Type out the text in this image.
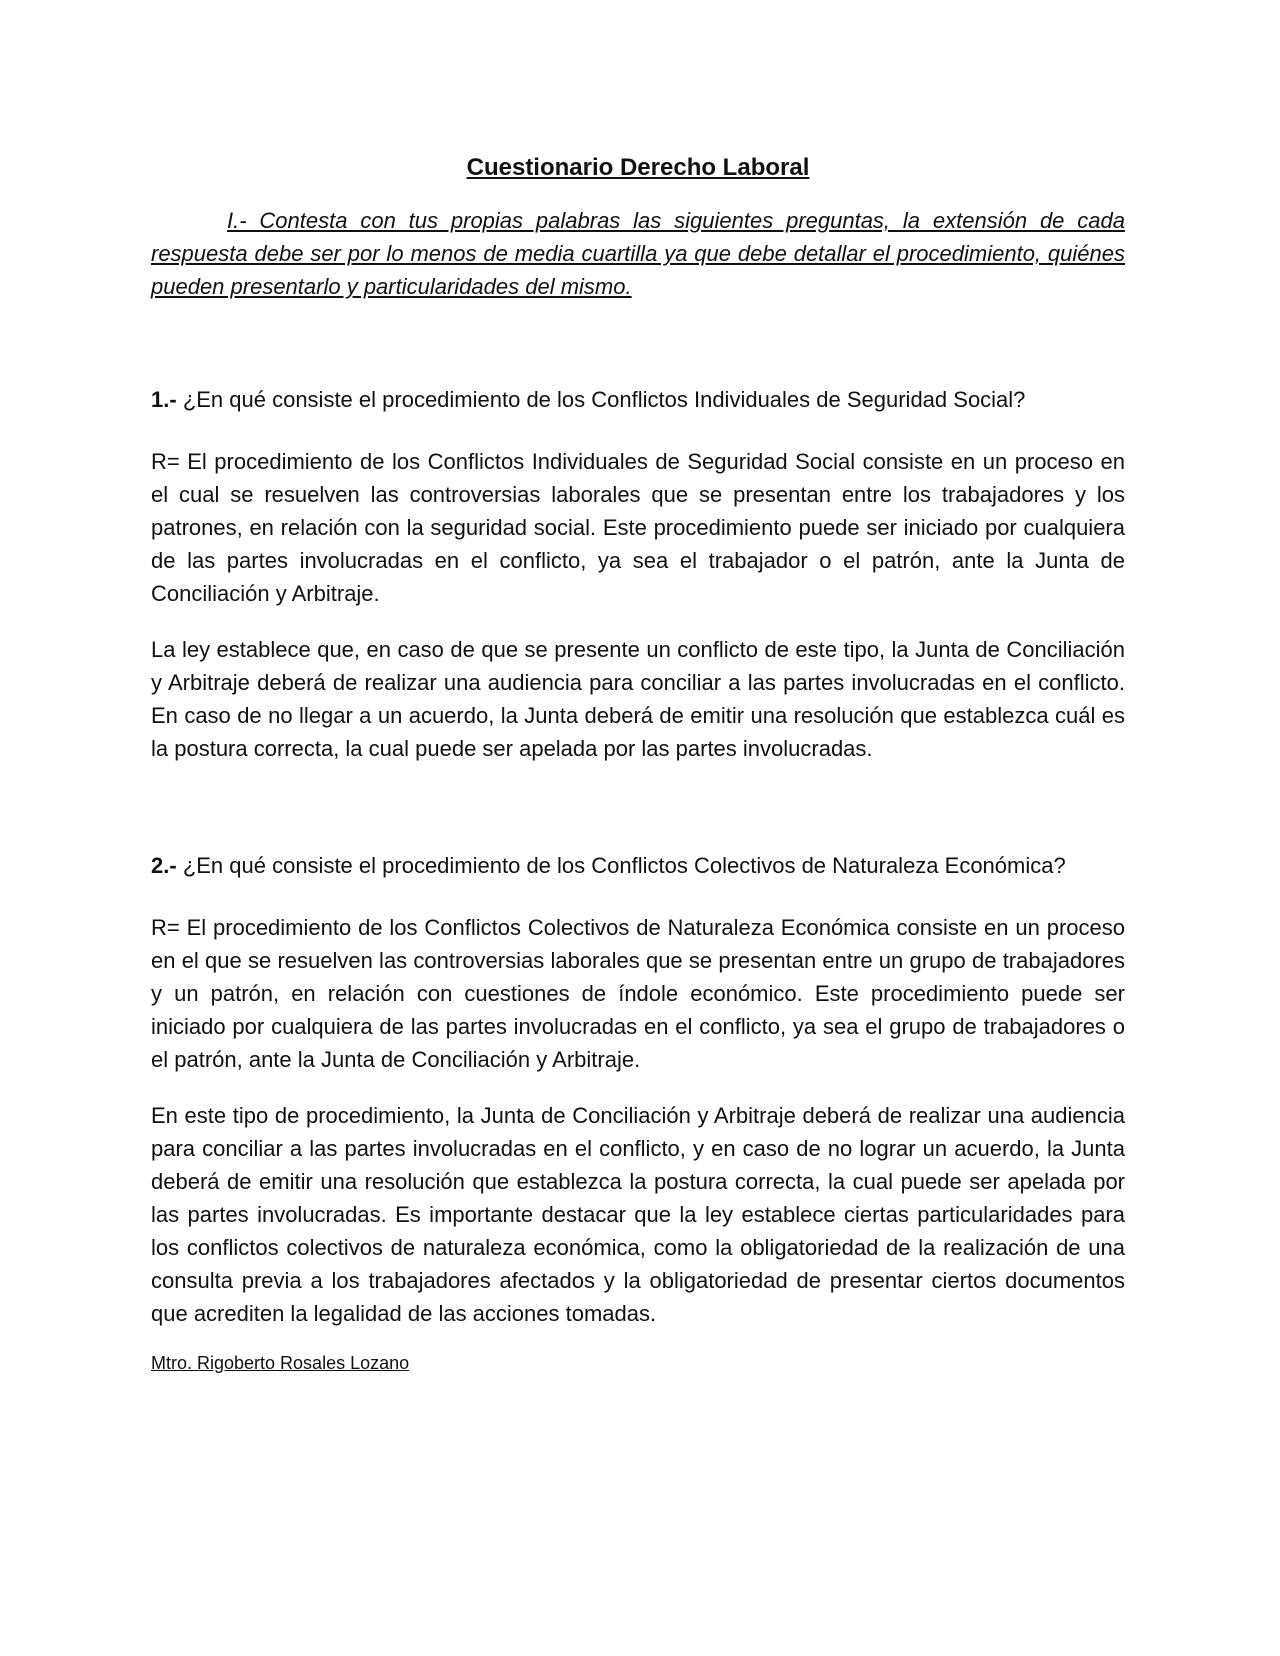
Cuestionario Derecho Laboral

I.- Contesta con tus propias palabras las siguientes preguntas, la extensión de cada respuesta debe ser por lo menos de media cuartilla ya que debe detallar el procedimiento, quiénes pueden presentarlo y particularidades del mismo.

1.- ¿En qué consiste el procedimiento de los Conflictos Individuales de Seguridad Social?

R= El procedimiento de los Conflictos Individuales de Seguridad Social consiste en un proceso en el cual se resuelven las controversias laborales que se presentan entre los trabajadores y los patrones, en relación con la seguridad social. Este procedimiento puede ser iniciado por cualquiera de las partes involucradas en el conflicto, ya sea el trabajador o el patrón, ante la Junta de Conciliación y Arbitraje.

La ley establece que, en caso de que se presente un conflicto de este tipo, la Junta de Conciliación y Arbitraje deberá de realizar una audiencia para conciliar a las partes involucradas en el conflicto. En caso de no llegar a un acuerdo, la Junta deberá de emitir una resolución que establezca cuál es la postura correcta, la cual puede ser apelada por las partes involucradas.

2.- ¿En qué consiste el procedimiento de los Conflictos Colectivos de Naturaleza Económica?

R= El procedimiento de los Conflictos Colectivos de Naturaleza Económica consiste en un proceso en el que se resuelven las controversias laborales que se presentan entre un grupo de trabajadores y un patrón, en relación con cuestiones de índole económico. Este procedimiento puede ser iniciado por cualquiera de las partes involucradas en el conflicto, ya sea el grupo de trabajadores o el patrón, ante la Junta de Conciliación y Arbitraje.

En este tipo de procedimiento, la Junta de Conciliación y Arbitraje deberá de realizar una audiencia para conciliar a las partes involucradas en el conflicto, y en caso de no lograr un acuerdo, la Junta deberá de emitir una resolución que establezca la postura correcta, la cual puede ser apelada por las partes involucradas. Es importante destacar que la ley establece ciertas particularidades para los conflictos colectivos de naturaleza económica, como la obligatoriedad de la realización de una consulta previa a los trabajadores afectados y la obligatoriedad de presentar ciertos documentos que acrediten la legalidad de las acciones tomadas.

Mtro. Rigoberto Rosales Lozano
